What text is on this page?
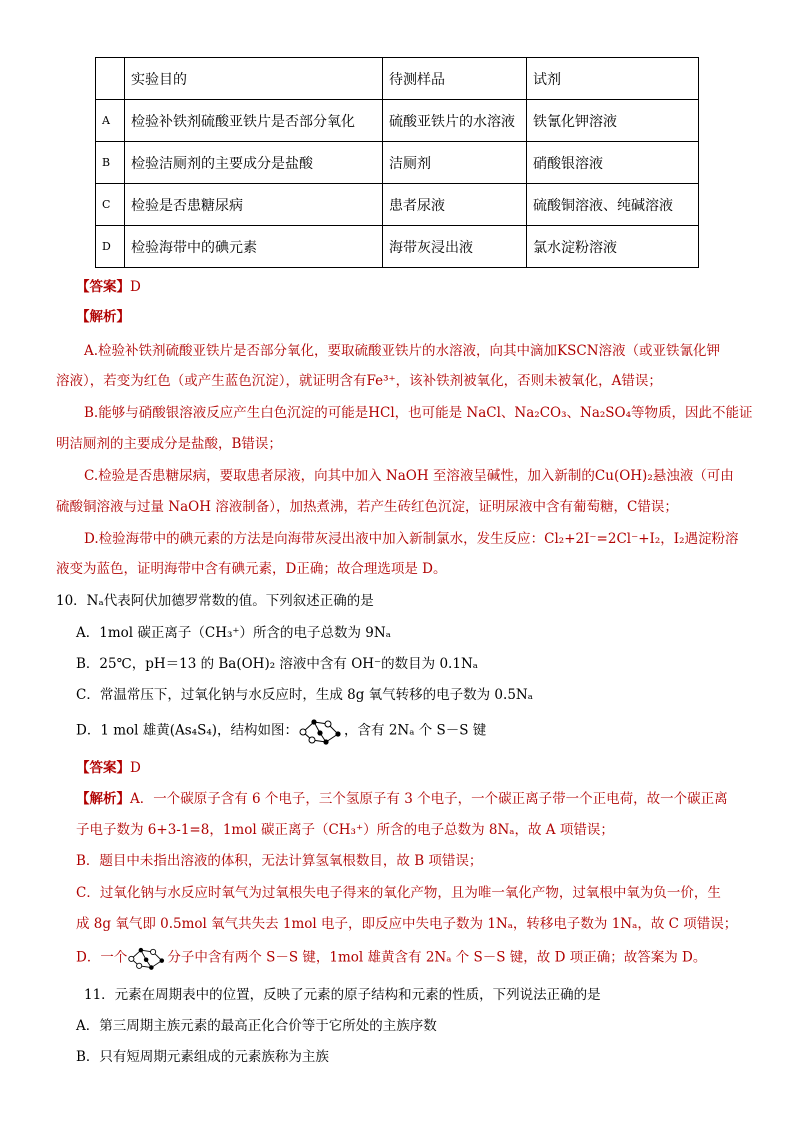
	实验目的	待测样品	试剂
A	检验补铁剂硫酸亚铁片是否部分氧化	硫酸亚铁片的水溶液	铁氰化钾溶液
B	检验洁厕剂的主要成分是盐酸	洁厕剂	硝酸银溶液
C	检验是否患糖尿病	患者尿液	硫酸铜溶液、纯碱溶液
D	检验海带中的碘元素	海带灰浸出液	氯水淀粉溶液
【答案】D
【解析】
A.检验补铁剂硫酸亚铁片是否部分氧化，要取硫酸亚铁片的水溶液，向其中滴加KSCN溶液（或亚铁氰化钾
溶液），若变为红色（或产生蓝色沉淀），就证明含有Fe³⁺，该补铁剂被氧化，否则未被氧化，A错误；
B.能够与硝酸银溶液反应产生白色沉淀的可能是HCl，也可能是 NaCl、Na₂CO₃、Na₂SO₄等物质，因此不能证
明洁厕剂的主要成分是盐酸，B错误；
C.检验是否患糖尿病，要取患者尿液，向其中加入 NaOH 至溶液呈碱性，加入新制的Cu(OH)₂悬浊液（可由
硫酸铜溶液与过量 NaOH 溶液制备），加热煮沸，若产生砖红色沉淀，证明尿液中含有葡萄糖，C错误；
D.检验海带中的碘元素的方法是向海带灰浸出液中加入新制氯水，发生反应：Cl₂+2I⁻=2Cl⁻+I₂，I₂遇淀粉溶
液变为蓝色，证明海带中含有碘元素，D正确；故合理选项是 D。
10．Nₐ代表阿伏加德罗常数的值。下列叙述正确的是
A．1mol 碳正离子（CH₃⁺）所含的电子总数为 9Nₐ
B．25℃，pH＝13 的 Ba(OH)₂ 溶液中含有 OH⁻的数目为 0.1Nₐ
C．常温常压下，过氧化钠与水反应时，生成 8g 氧气转移的电子数为 0.5Nₐ
D．1 mol 雄黄(As₄S₄)，结构如图：	，含有 2Nₐ 个 S－S 键
【答案】D
【解析】A．一个碳原子含有 6 个电子，三个氢原子有 3 个电子，一个碳正离子带一个正电荷，故一个碳正离
子电子数为 6+3-1=8，1mol 碳正离子（CH₃⁺）所含的电子总数为 8Nₐ，故 A 项错误；
B．题目中未指出溶液的体积，无法计算氢氧根数目，故 B 项错误；
C．过氧化钠与水反应时氧气为过氧根失电子得来的氧化产物，且为唯一氧化产物，过氧根中氧为负一价，生
成 8g 氧气即 0.5mol 氧气共失去 1mol 电子，即反应中失电子数为 1Nₐ，转移电子数为 1Nₐ，故 C 项错误；
D．一个	分子中含有两个 S－S 键，1mol 雄黄含有 2Nₐ 个 S－S 键，故 D 项正确；故答案为 D。
11．元素在周期表中的位置，反映了元素的原子结构和元素的性质，下列说法正确的是
A．第三周期主族元素的最高正化合价等于它所处的主族序数
B．只有短周期元素组成的元素族称为主族
